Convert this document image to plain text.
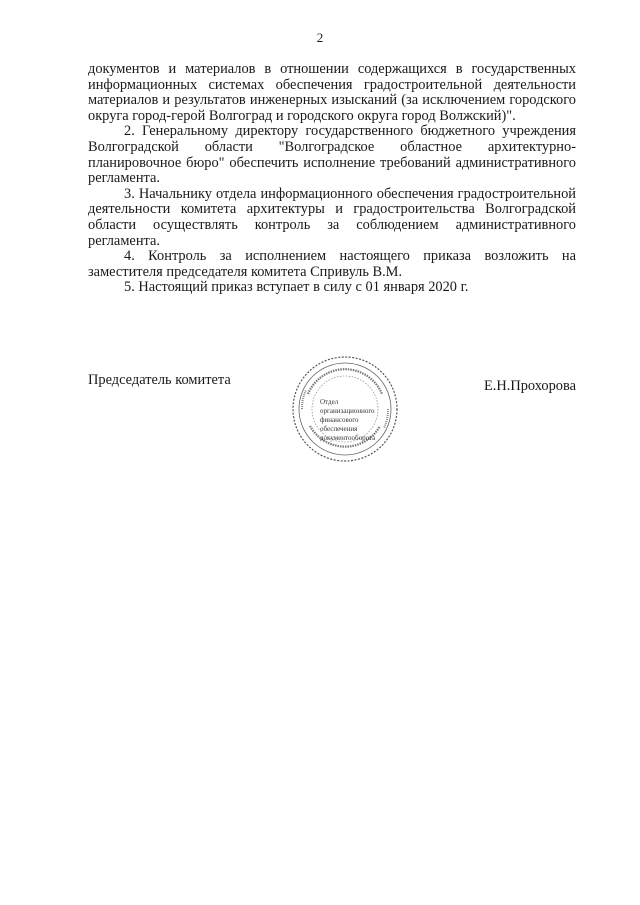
2

документов и материалов в отношении содержащихся в государственных информационных системах обеспечения градостроительной деятельности материалов и результатов инженерных изысканий (за исключением городского округа город-герой Волгоград и городского округа город Волжский)".

2. Генеральному директору государственного бюджетного учреждения Волгоградской области "Волгоградское областное архитектурно-планировочное бюро" обеспечить исполнение требований административного регламента.

3. Начальнику отдела информационного обеспечения градостроительной деятельности комитета архитектуры и градостроительства Волгоградской области осуществлять контроль за соблюдением административного регламента.

4. Контроль за исполнением настоящего приказа возложить на заместителя председателя комитета Спривуль В.М.

5. Настоящий приказ вступает в силу с 01 января 2020 г.

Председатель комитета
Отдел
организационного
финансового
обеспечения
документооборота
Е.Н.Прохорова
